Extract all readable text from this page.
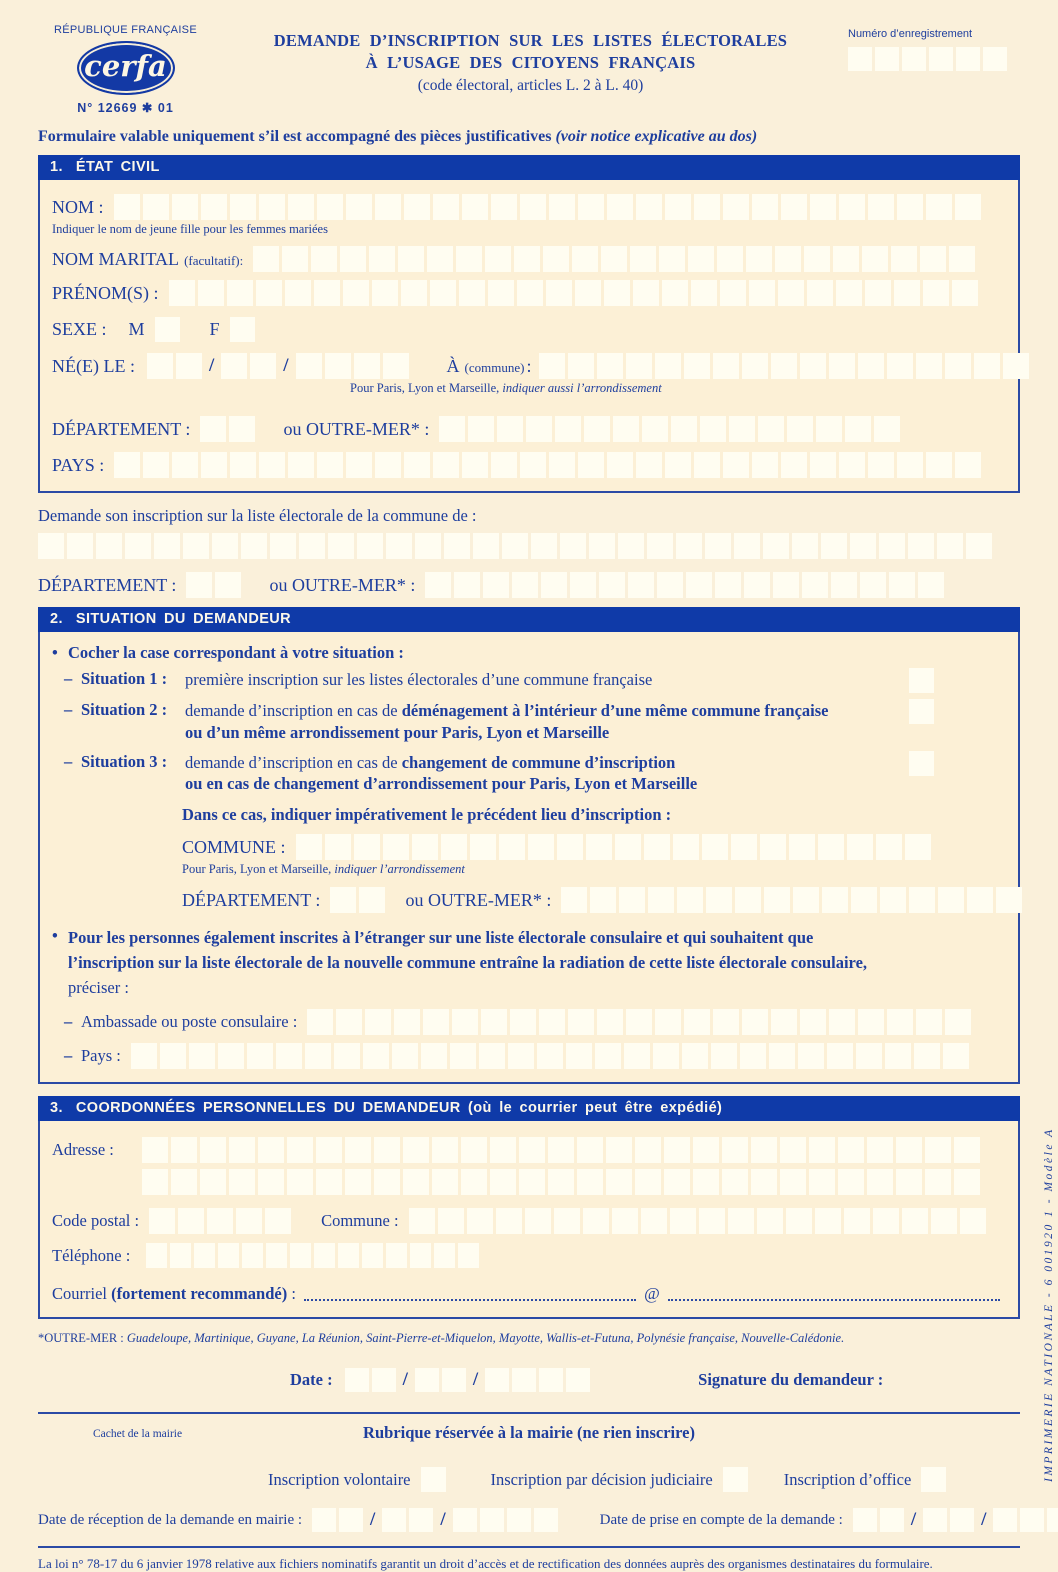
RÉPUBLIQUE FRANÇAISE
cerfa
N° 12669 ✱ 01
DEMANDE D’INSCRIPTION SUR LES LISTES ÉLECTORALES
À L’USAGE DES CITOYENS FRANÇAIS
(code électoral, articles L. 2 à L. 40)
Numéro d’enregistrement
Formulaire valable uniquement s’il est accompagné des pièces justificatives (voir notice explicative au dos)
1. ÉTAT CIVIL
NOM :
Indiquer le nom de jeune fille pour les femmes mariées
NOM MARITAL (facultatif):
PRÉNOM(S) :
SEXE : M	F
NÉ(E) LE :	/	/	À (commune) :
Pour Paris, Lyon et Marseille, indiquer aussi l’arrondissement
DÉPARTEMENT :	ou OUTRE-MER* :
PAYS :
Demande son inscription sur la liste électorale de la commune de :
DÉPARTEMENT :	ou OUTRE-MER* :
2. SITUATION DU DEMANDEUR
• Cocher la case correspondant à votre situation :
– Situation 1 :	première inscription sur les listes électorales d’une commune française
– Situation 2 :	demande d’inscription en cas de déménagement à l’intérieur d’une même commune française
ou d’un même arrondissement pour Paris, Lyon et Marseille
– Situation 3 :	demande d’inscription en cas de changement de commune d’inscription
ou en cas de changement d’arrondissement pour Paris, Lyon et Marseille
Dans ce cas, indiquer impérativement le précédent lieu d’inscription :
COMMUNE :
Pour Paris, Lyon et Marseille, indiquer l’arrondissement
DÉPARTEMENT :	ou OUTRE-MER* :
• Pour les personnes également inscrites à l’étranger sur une liste électorale consulaire et qui souhaitent que
l’inscription sur la liste électorale de la nouvelle commune entraîne la radiation de cette liste électorale consulaire,
préciser :
– Ambassade ou poste consulaire :
– Pays :
3. COORDONNÉES PERSONNELLES DU DEMANDEUR (où le courrier peut être expédié)
Adresse :
Code postal :	Commune :
Téléphone :
Courriel (fortement recommandé) :	@
*OUTRE-MER : Guadeloupe, Martinique, Guyane, La Réunion, Saint-Pierre-et-Miquelon, Mayotte, Wallis-et-Futuna, Polynésie française, Nouvelle-Calédonie.
Date :	/	/	Signature du demandeur :
Cachet de la mairie	Rubrique réservée à la mairie (ne rien inscrire)
Inscription volontaire	Inscription par décision judiciaire	Inscription d’office
Date de réception de la demande en mairie :	/	/	Date de prise en compte de la demande :	/	/
La loi n° 78-17 du 6 janvier 1978 relative aux fichiers nominatifs garantit un droit d’accès et de rectification des données auprès des organismes destinataires du formulaire.
IMPRIMERIE NATIONALE - 6 001920 1 - Modèle A
